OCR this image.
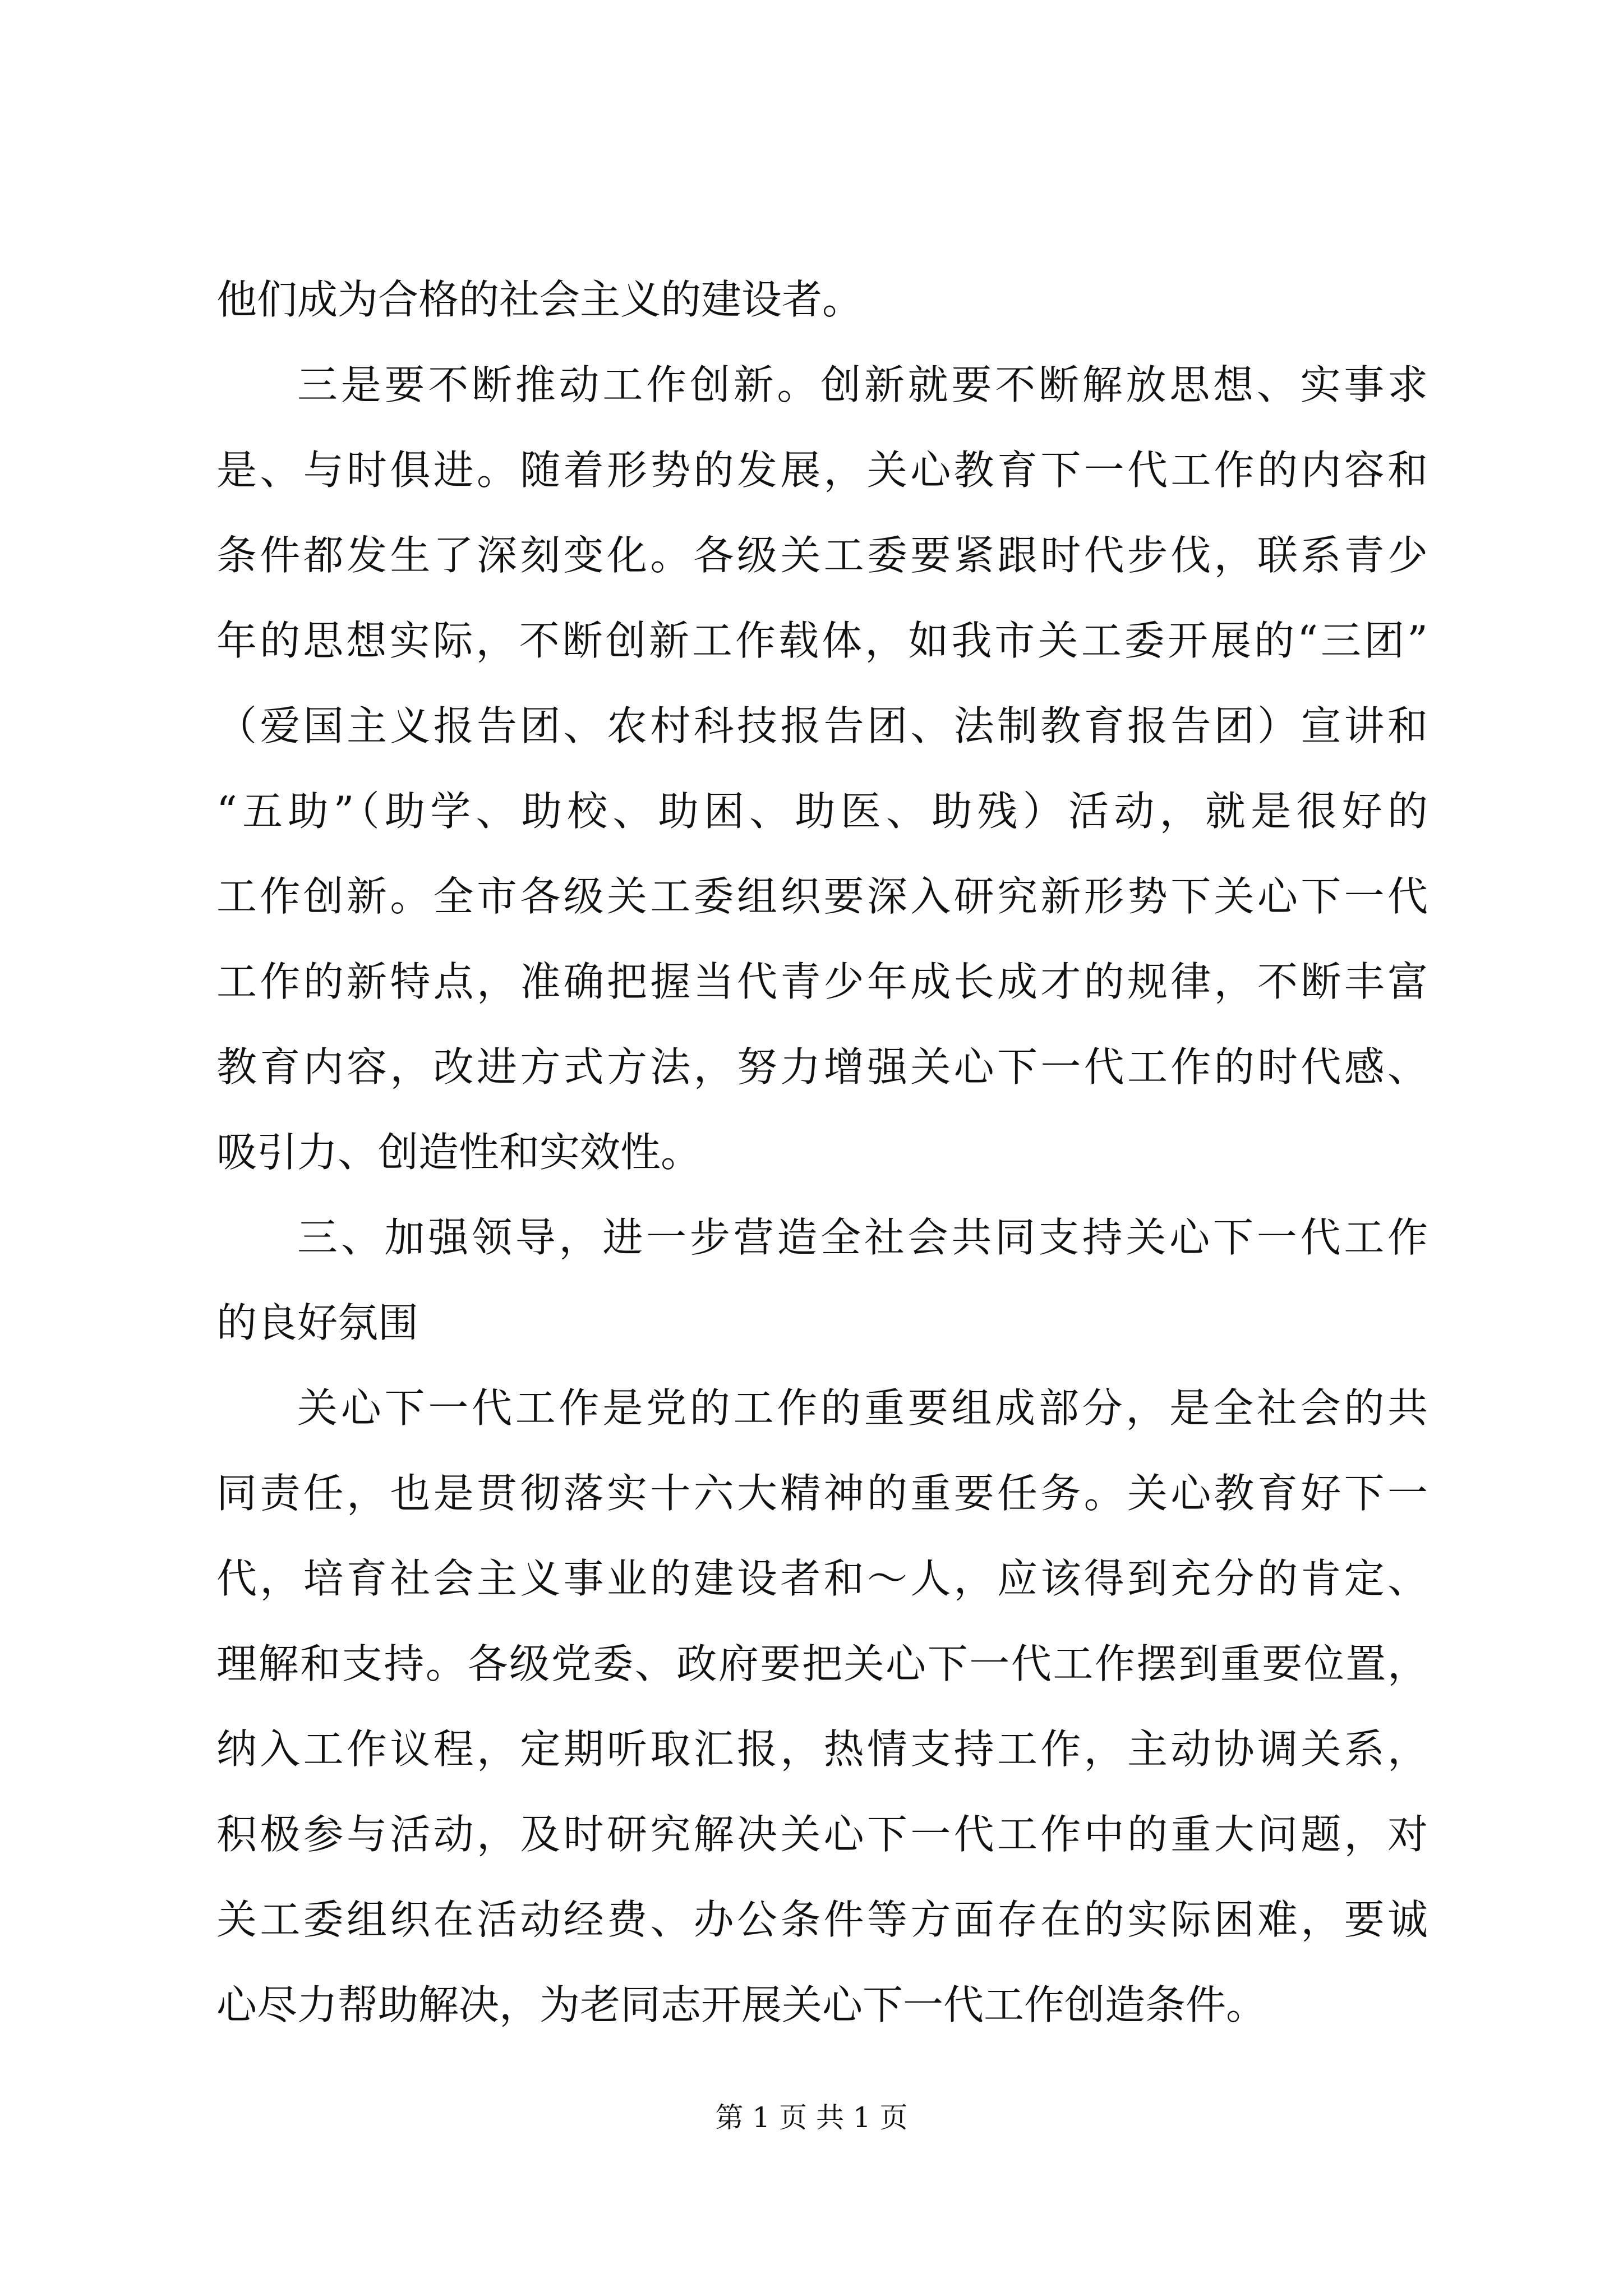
他们成为合格的社会主义的建设者。

三是要不断推动工作创新。创新就要不断解放思想、实事求

是、与时俱进。随着形势的发展，关心教育下一代工作的内容和

条件都发生了深刻变化。各级关工委要紧跟时代步伐，联系青少

年的思想实际，不断创新工作载体，如我市关工委开展的“三团”

（爱国主义报告团、农村科技报告团、法制教育报告团）宣讲和

“五助”（助学、助校、助困、助医、助残）活动，就是很好的

工作创新。全市各级关工委组织要深入研究新形势下关心下一代

工作的新特点，准确把握当代青少年成长成才的规律，不断丰富

教育内容，改进方式方法，努力增强关心下一代工作的时代感、

吸引力、创造性和实效性。

三、加强领导，进一步营造全社会共同支持关心下一代工作

的良好氛围

关心下一代工作是党的工作的重要组成部分，是全社会的共

同责任，也是贯彻落实十六大精神的重要任务。关心教育好下一

代，培育社会主义事业的建设者和～人，应该得到充分的肯定、

理解和支持。各级党委、政府要把关心下一代工作摆到重要位置，

纳入工作议程，定期听取汇报，热情支持工作，主动协调关系，

积极参与活动，及时研究解决关心下一代工作中的重大问题，对

关工委组织在活动经费、办公条件等方面存在的实际困难，要诚

心尽力帮助解决，为老同志开展关心下一代工作创造条件。

第 1 页 共 1 页
